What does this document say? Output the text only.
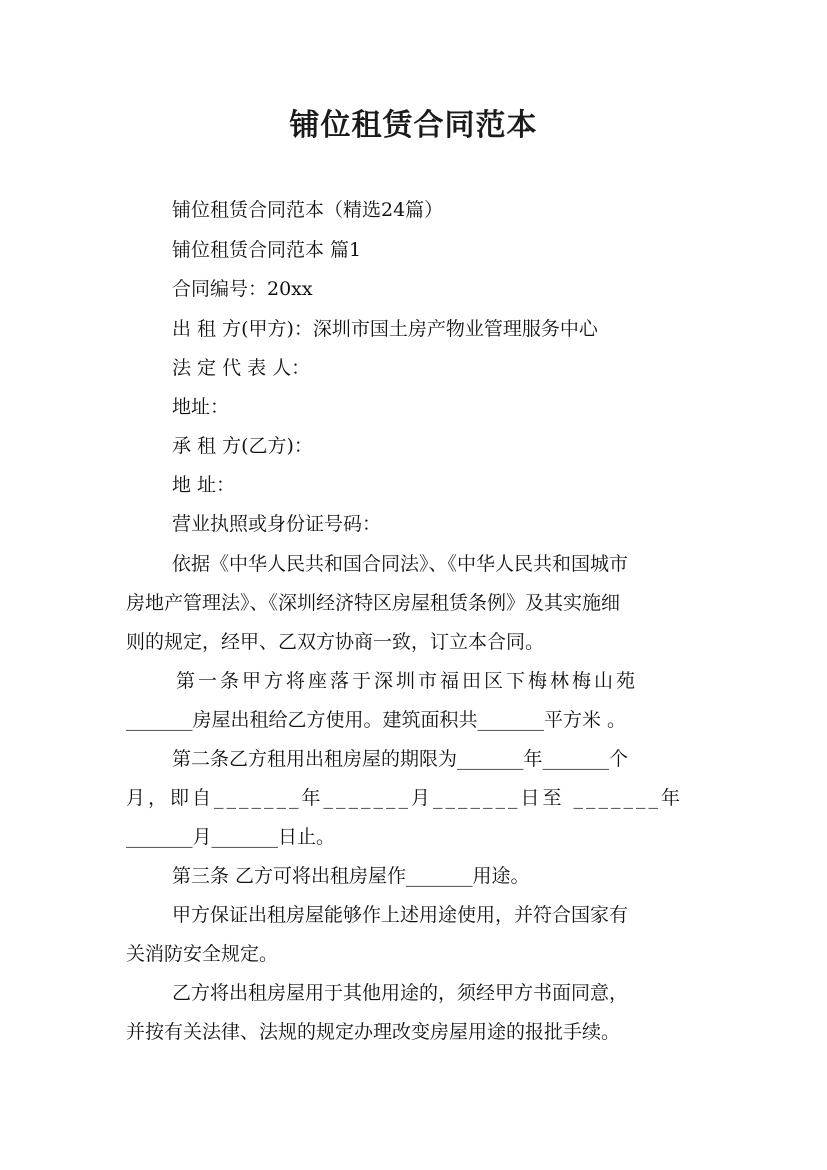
铺位租赁合同范本
铺位租赁合同范本（精选24篇）
铺位租赁合同范本 篇1
合同编号：20xx
出 租 方(甲方)：深圳市国土房产物业管理服务中心
法 定 代 表 人：
地址：
承 租 方(乙方)：
地 址：
营业执照或身份证号码：
依据《中华人民共和国合同法》、《中华人民共和国城市
房地产管理法》、《深圳经济特区房屋租赁条例》及其实施细
则的规定，经甲、乙双方协商一致，订立本合同。
第一条甲方将座落于深圳市福田区下梅林梅山苑
_______房屋出租给乙方使用。建筑面积共_______平方米 。
第二条乙方租用出租房屋的期限为_______年_______个
月，即自_______年_______月_______日至 _______年
_______月_______日止。
第三条 乙方可将出租房屋作_______用途。
甲方保证出租房屋能够作上述用途使用，并符合国家有
关消防安全规定。
乙方将出租房屋用于其他用途的，须经甲方书面同意，
并按有关法律、法规的规定办理改变房屋用途的报批手续。
